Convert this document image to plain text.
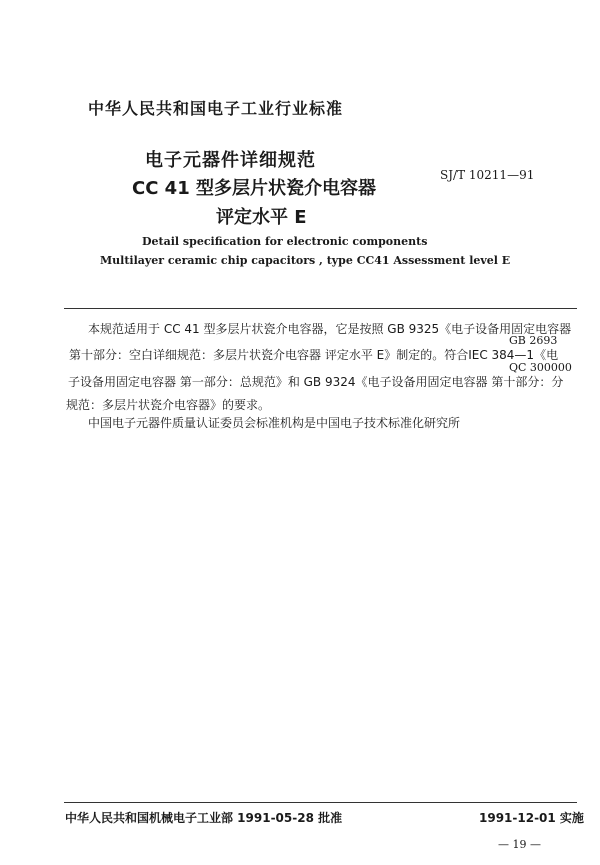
中华人民共和国电子工业行业标准
电子元器件详细规范
CC 41 型多层片状瓷介电容器
SJ/T 10211—91
评定水平 E
Detail specification for electronic components
Multilayer ceramic chip capacitors , type CC41 Assessment level E
本规范适用于 CC 41 型多层片状瓷介电容器，它是按照 GB 9325《电子设备用固定电容器
GB 2693
第十部分：空白详细规范：多层片状瓷介电容器 评定水平 E》制定的。符合IEC 384—1《电
QC 300000
子设备用固定电容器 第一部分：总规范》和 GB 9324《电子设备用固定电容器 第十部分：分
规范：多层片状瓷介电容器》的要求。
中国电子元器件质量认证委员会标准机构是中国电子技术标准化研究所
中华人民共和国机械电子工业部 1991-05-28 批准	1991-12-01 实施
— 19 —
